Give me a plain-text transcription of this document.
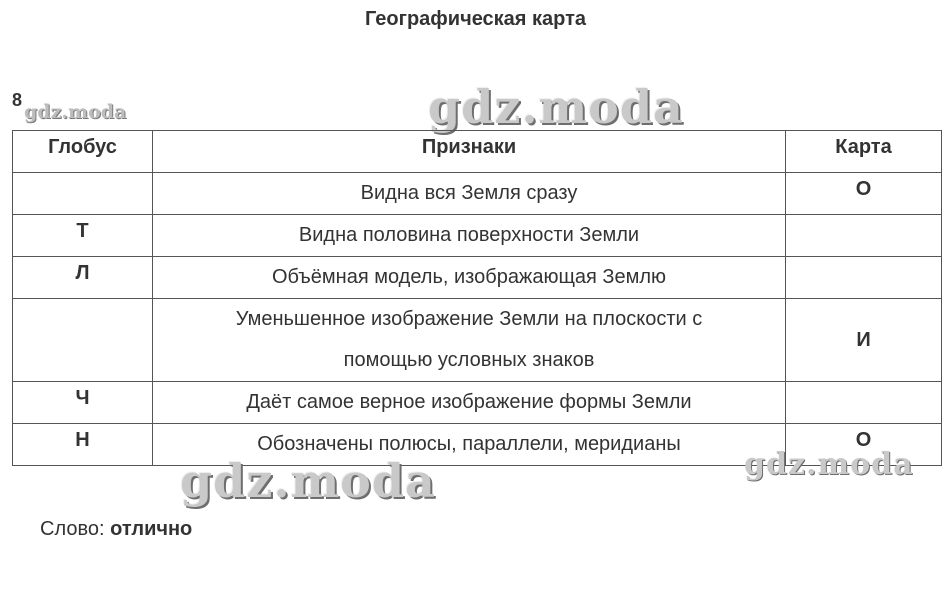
Географическая карта
8
gdz.moda	gdz.moda
Глобус	Признаки	Карта
	Видна вся Земля сразу	О
Т	Видна половина поверхности Земли	
Л	Объёмная модель, изображающая Землю	

	Уменьшенное изображение Земли на плоскости с
помощью условных знаков	И
Ч	Даёт самое верное изображение формы Земли	
Н	Обозначены полюсы, параллели, меридианы	О
gdz.moda	gdz.moda
Слово: отлично
